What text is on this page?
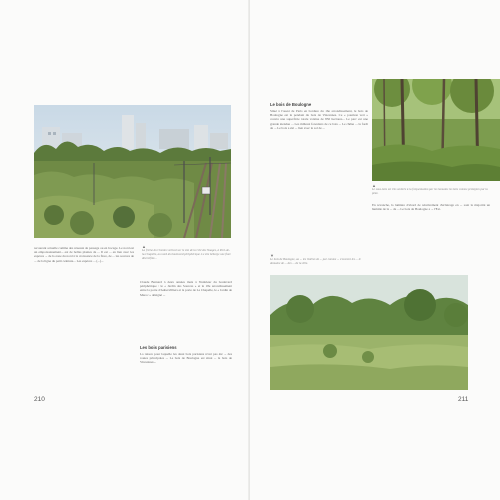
▲
La friche du Chemin vertical sur le site de la Cité des Nuages, à Port-de-la-Chapelle, au nord du boulevard périphérique. Le site héberge une flore diversifiée...

recourant actuelle comme des réseaux de passage ou en bocage. Le nord est un empoisonnement... est de belles plantes de ... Il est ... en lien avec les espèces ... de la zone du nord à la croissance de la flore, de ... les sources de ... de la ligne du petit ceinture... Les espèces ... (...)...

Claude Bernard à deux années mais à l'intérieur du boulevard périphérique : le « Jardin des Sources » et le 18e arrondissement entre la porte d'Aubervilliers et la porte de La Chapelle, le « Jardin de Maroc » désigné ...

Les bois parisiens

La raison pour laquelle les deux bois parisiens n'ont pas été ... des routes principales ... Le bois de Boulogne est situé ... le bois de Vincennes...

210
Le bois de Boulogne

Situé à l'ouest de Paris en bordure du 16e arrondissement, le bois de Boulogne est le pendant du bois de Vincennes. Ce « poumon vert » couvre une superficie totale voisine de 850 hectares... Le parc est une grande étendue ... Les milieux forestiers de ce bois ... Le chêne ... la forêt de ... Le bois a été ... lien avec le sol de ...

▲
Le sous-bois est très ombrée à la fréquentation par les humains les bois comme protégées par la piste.

En revanche, la lumière d'abord de relativement d'éclairage en ... sont la majorité un humide de la ... de ... Le bois de Boulogne a ... l'Est.

▼
Le bois de Boulogne, au ... les lisières de ... par comme ... s'ouvrent les ... le domaine de ... des ... de la ville.
211
